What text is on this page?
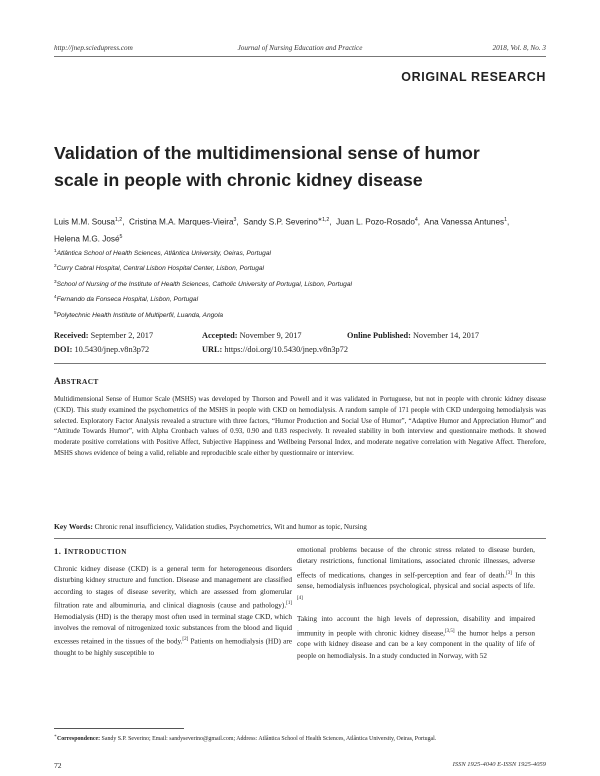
http://jnep.sciedupress.com	Journal of Nursing Education and Practice	2018, Vol. 8, No. 3
ORIGINAL RESEARCH
Validation of the multidimensional sense of humor
scale in people with chronic kidney disease
Luis M.M. Sousa$^{1,2}$,  Cristina M.A. Marques-Vieira$^3$,  Sandy S.P. Severino$^{∗1,2}$,  Juan L. Pozo-Rosado$^4$,  Ana Vanessa Antunes$^1$,  Helena M.G. José$^5$
$^1$Atlântica School of Health Sciences, Atlântica University, Oeiras, Portugal
$^2$Curry Cabral Hospital, Central Lisbon Hospital Center, Lisbon, Portugal
$^3$School of Nursing of the Institute of Health Sciences, Catholic University of Portugal, Lisbon, Portugal
$^4$Fernando da Fonseca Hospital, Lisbon, Portugal
$^5$Polytechnic Health Institute of Multiperfil, Luanda, Angola
Received: September 2, 2017	Accepted: November 9, 2017	Online Published: November 14, 2017
DOI: 10.5430/jnep.v8n3p72	URL: https://doi.org/10.5430/jnep.v8n3p72
ABSTRACT
Multidimensional Sense of Humor Scale (MSHS) was developed by Thorson and Powell and it was validated in Portuguese, but not in people with chronic kidney disease (CKD). This study examined the psychometrics of the MSHS in people with CKD on hemodialysis. A random sample of 171 people with CKD undergoing hemodialysis was selected. Exploratory Factor Analysis revealed a structure with three factors, “Humor Production and Social Use of Humor”, “Adaptive Humor and Appreciation Humor” and “Attitude Towards Humor”, with Alpha Cronbach values of 0.93, 0.90 and 0.83 respecively. It revealed stability in both interview and questionnaire methods. It showed moderate positive correlations with Positive Affect, Subjective Happiness and Wellbeing Personal Index, and moderate negative correlation with Negative Affect. Therefore, MSHS shows evidence of being a valid, reliable and reproducible scale either by questionnaire or interview.
Key Words: Chronic renal insufficiency, Validation studies, Psychometrics, Wit and humor as topic, Nursing
1. INTRODUCTION

Chronic kidney disease (CKD) is a general term for heterogeneous disorders disturbing kidney structure and function. Disease and management are classified according to stages of disease severity, which are assessed from glomerular filtration rate and albuminuria, and clinical diagnosis (cause and pathology).[1] Hemodialysis (HD) is the therapy most often used in terminal stage CKD, which involves the removal of nitrogenized toxic substances from the blood and liquid excesses retained in the tissues of the body.[2] Patients on hemodialysis (HD) are thought to be highly susceptible to

emotional problems because of the chronic stress related to disease burden, dietary restrictions, functional limitations, associated chronic illnesses, adverse effects of medications, changes in self-perception and fear of death.[3] In this sense, hemodialysis influences psychological, physical and social aspects of life.[4]

Taking into account the high levels of depression, disability and impaired immunity in people with chronic kidney disease,[3,5] the humor helps a person cope with kidney disease and can be a key component in the quality of life of people on hemodialysis. In a study conducted in Norway, with 52

∗Correspondence: Sandy S.P. Severino; Email: sandyseverino@gmail.com; Address: Atlântica School of Health Sciences, Atlântica University, Oeiras, Portugal.
72	ISSN 1925-4040 E-ISSN 1925-4059
